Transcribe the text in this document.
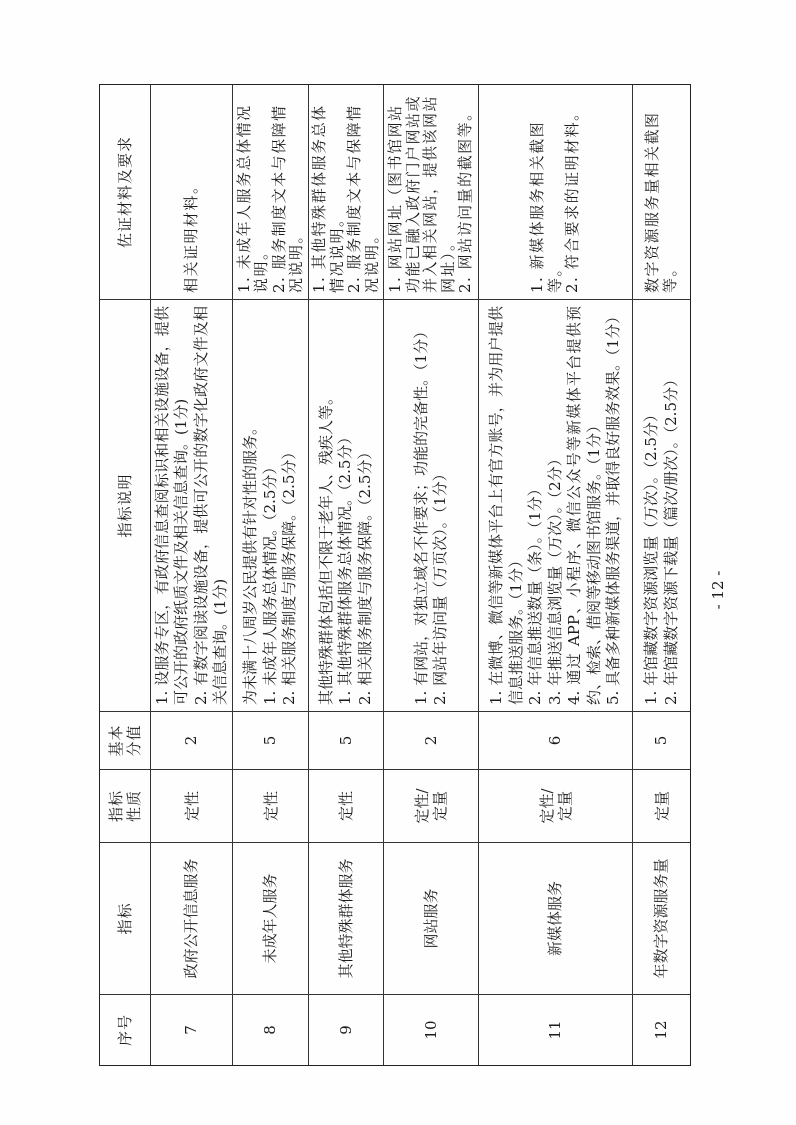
序号
指标
指标性质
基本分值
指标说明
佐证材料及要求
7
政府公开信息服务
定性
2

1. 设服务专区，有政府信息查阅标识和相关设施设备，提供可公开的政府纸质文件及相关信息查询。(1分) 2. 有数字阅读设施设备，提供可公开的数字化政府文件及相关信息查询。(1分)

相关证明材料。

8
未成年人服务
定性
5

为未满十八周岁公民提供有针对性的服务。 1. 未成年人服务总体情况。（2.5分） 2. 相关服务制度与服务保障。（2.5分）

1. 未成年人服务总体情况说明。 2. 服务制度文本与保障情况说明。

9
其他特殊群体服务
定性
5

其他特殊群体包括但不限于老年人、残疾人等。 1. 其他特殊群体服务总体情况。（2.5分） 2. 相关服务制度与服务保障。（2.5分）

1. 其他特殊群体服务总体情况说明。 2. 服务制度文本与保障情况说明。

10
网站服务
定性/定量
2

1. 有网站，对独立域名不作要求；功能的完备性。（1分） 2. 网站年访问量（万页次）。（1分）

1. 网站网址（图书馆网站功能已融入政府门户网站或并入相关网站，提供该网站网址）。 2. 网站访问量的截图等。

11
新媒体服务
定性/定量
6

1. 在微博、微信等新媒体平台上有官方账号，并为用户提供信息推送服务。（1分） 2. 年信息推送数量（条）。（1分） 3. 年推送信息浏览量（万次）。（2分） 4. 通过 APP、小程序、微信公众号等新媒体平台提供预约、检索、借阅等移动图书馆服务。（1分） 5. 具备多种新媒体服务渠道，并取得良好服务效果。（1分）

1. 新媒体服务相关截图等。 2. 符合要求的证明材料。

12
年数字资源服务量
定量
5

1. 年馆藏数字资源浏览量（万次）。（2.5分） 2. 年馆藏数字资源下载量（篇次/册次）。（2.5分）

数字资源服务量相关截图等。

- 12 -
